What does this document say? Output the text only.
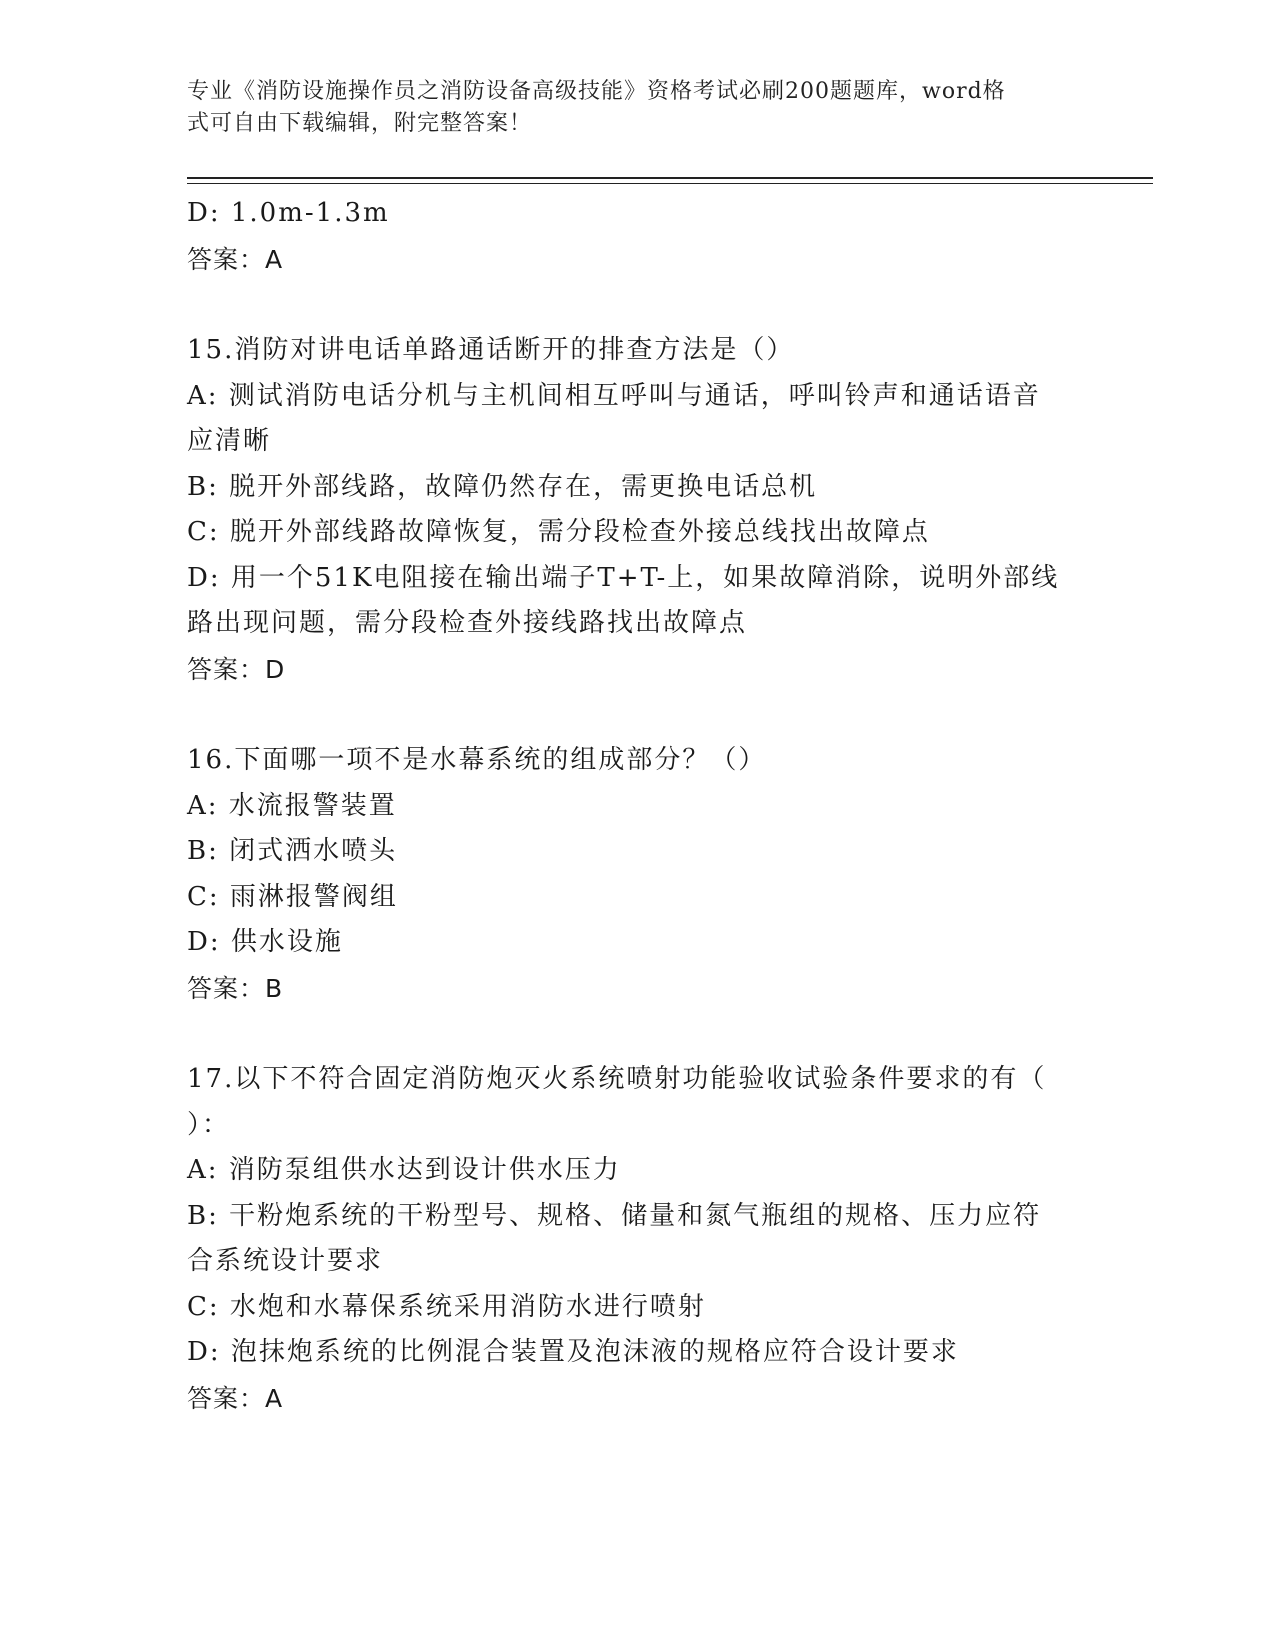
专业《消防设施操作员之消防设备高级技能》资格考试必刷200题题库，word格
式可自由下载编辑，附完整答案！

D: 1.0m-1.3m

答案：A

15.消防对讲电话单路通话断开的排查方法是（）

A: 测试消防电话分机与主机间相互呼叫与通话，呼叫铃声和通话语音

应清晰

B: 脱开外部线路，故障仍然存在，需更换电话总机

C: 脱开外部线路故障恢复，需分段检查外接总线找出故障点

D: 用一个51K电阻接在输出端子T+T-上，如果故障消除，说明外部线

路出现问题，需分段检查外接线路找出故障点

答案：D

16.下面哪一项不是水幕系统的组成部分？（）

A: 水流报警装置

B: 闭式洒水喷头

C: 雨淋报警阀组

D: 供水设施

答案：B

17.以下不符合固定消防炮灭火系统喷射功能验收试验条件要求的有（

）：

A: 消防泵组供水达到设计供水压力

B: 干粉炮系统的干粉型号、规格、储量和氮气瓶组的规格、压力应符

合系统设计要求

C: 水炮和水幕保系统采用消防水进行喷射

D: 泡抹炮系统的比例混合装置及泡沫液的规格应符合设计要求

答案：A
